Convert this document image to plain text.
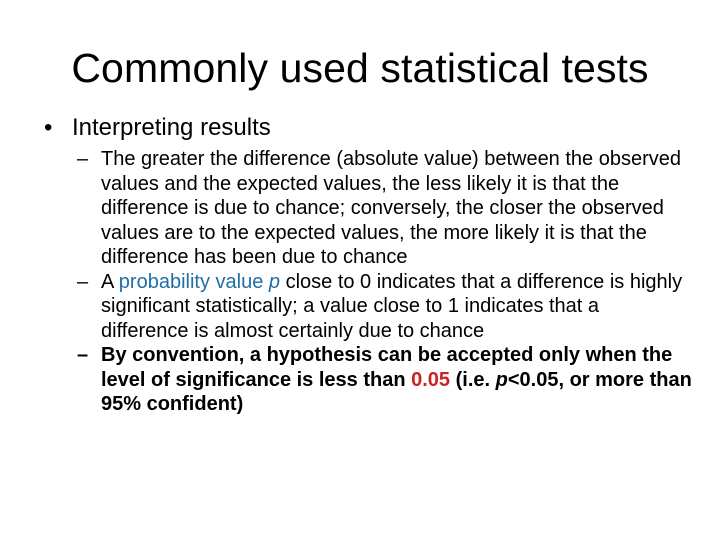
Commonly used statistical tests
• Interpreting results
– The greater the difference (absolute value) between the observed values and the expected values, the less likely it is that the difference is due to chance; conversely, the closer the observed values are to the expected values, the more likely it is that the difference has been due to chance
– A probability value p close to 0 indicates that a difference is highly significant statistically; a value close to 1 indicates that a difference is almost certainly due to chance
– By convention, a hypothesis can be accepted only when the level of significance is less than 0.05 (i.e. p<0.05, or more than 95% confident)
